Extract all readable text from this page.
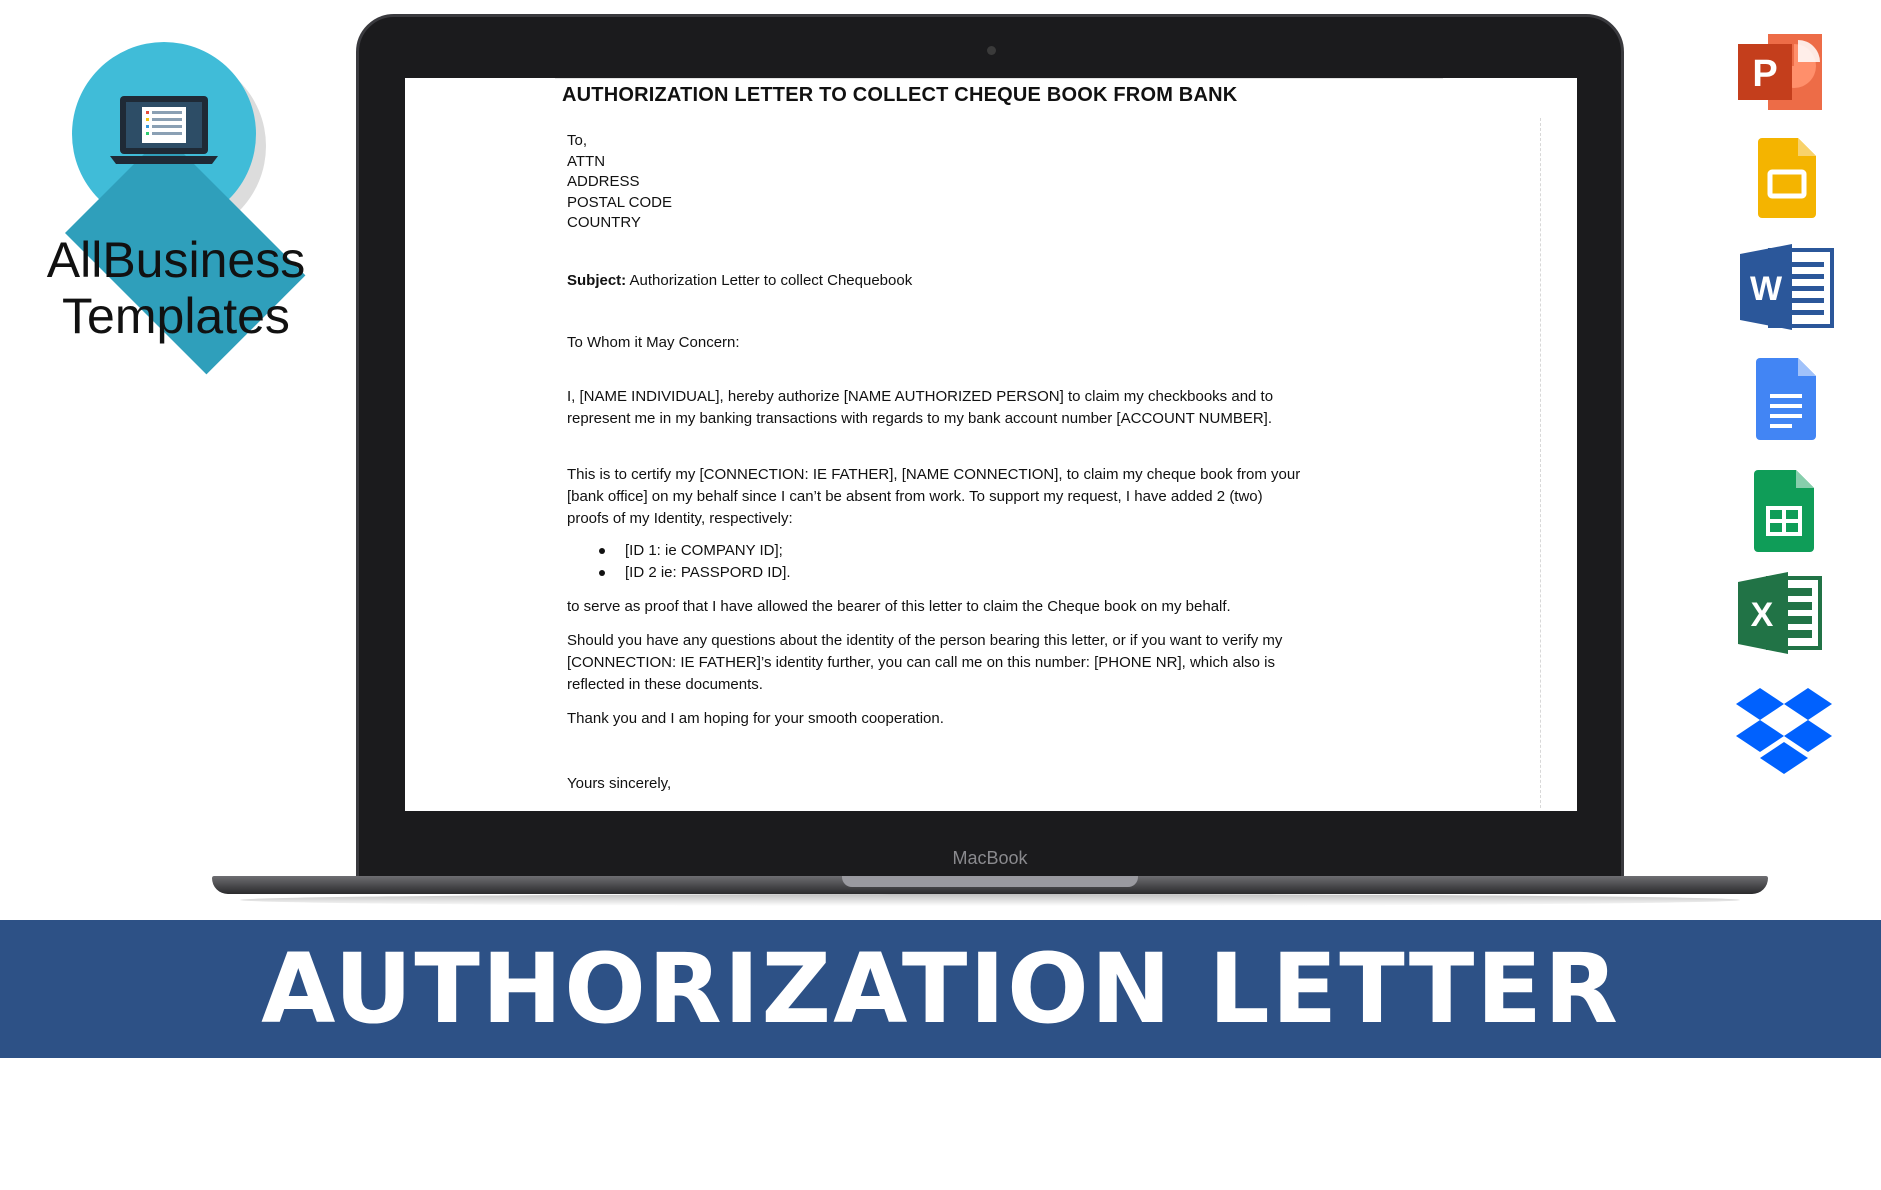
AllBusiness
Templates
AUTHORIZATION LETTER TO COLLECT CHEQUE BOOK FROM BANK
To,
ATTN
ADDRESS
POSTAL CODE
COUNTRY
Subject: Authorization Letter to collect Chequebook
To Whom it May Concern:
I, [NAME INDIVIDUAL], hereby authorize [NAME AUTHORIZED PERSON] to claim my checkbooks and to represent me in my banking transactions with regards to my bank account number [ACCOUNT NUMBER].
This is to certify my [CONNECTION: IE FATHER], [NAME CONNECTION], to claim my cheque book from your [bank office] on my behalf since I can’t be absent from work. To support my request, I have added 2 (two) proofs of my Identity, respectively:
[ID 1: ie COMPANY ID];
[ID 2 ie: PASSPORD ID].
to serve as proof that I have allowed the bearer of this letter to claim the Cheque book on my behalf.
Should you have any questions about the identity of the person bearing this letter, or if you want to verify my [CONNECTION: IE FATHER]’s identity further, you can call me on this number: [PHONE NR], which also is reflected in these documents.
Thank you and I am hoping for your smooth cooperation.
Yours sincerely,
MacBook
P
W
X
AUTHORIZATION LETTER TEMPLATES
